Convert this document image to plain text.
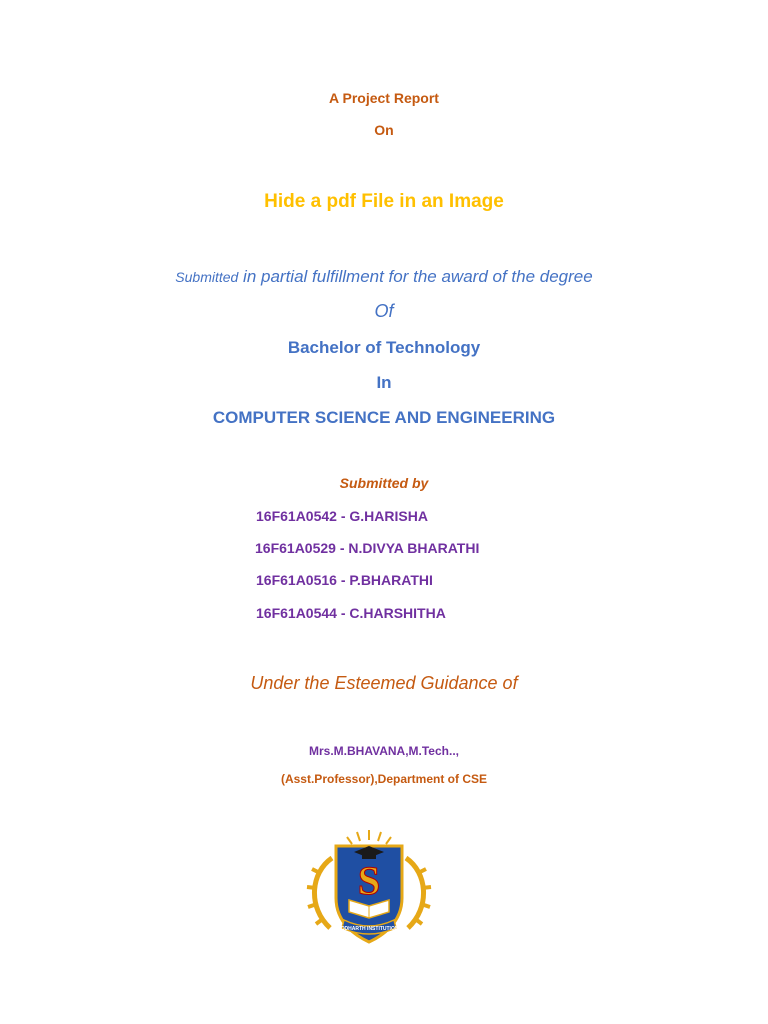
A Project Report
On
Hide a pdf File in an Image
Submitted in partial fulfillment for the award of the degree
Of
Bachelor of Technology
In
COMPUTER SCIENCE AND ENGINEERING
Submitted by
16F61A0542 - G.HARISHA
16F61A0529 - N.DIVYA BHARATHI
16F61A0516 - P.BHARATHI
16F61A0544 - C.HARSHITHA
Under the Esteemed Guidance of
Mrs.M.BHAVANA,M.Tech..,
(Asst.Professor),Department of CSE
S
SIDDHARTH INSTITUTIONS
